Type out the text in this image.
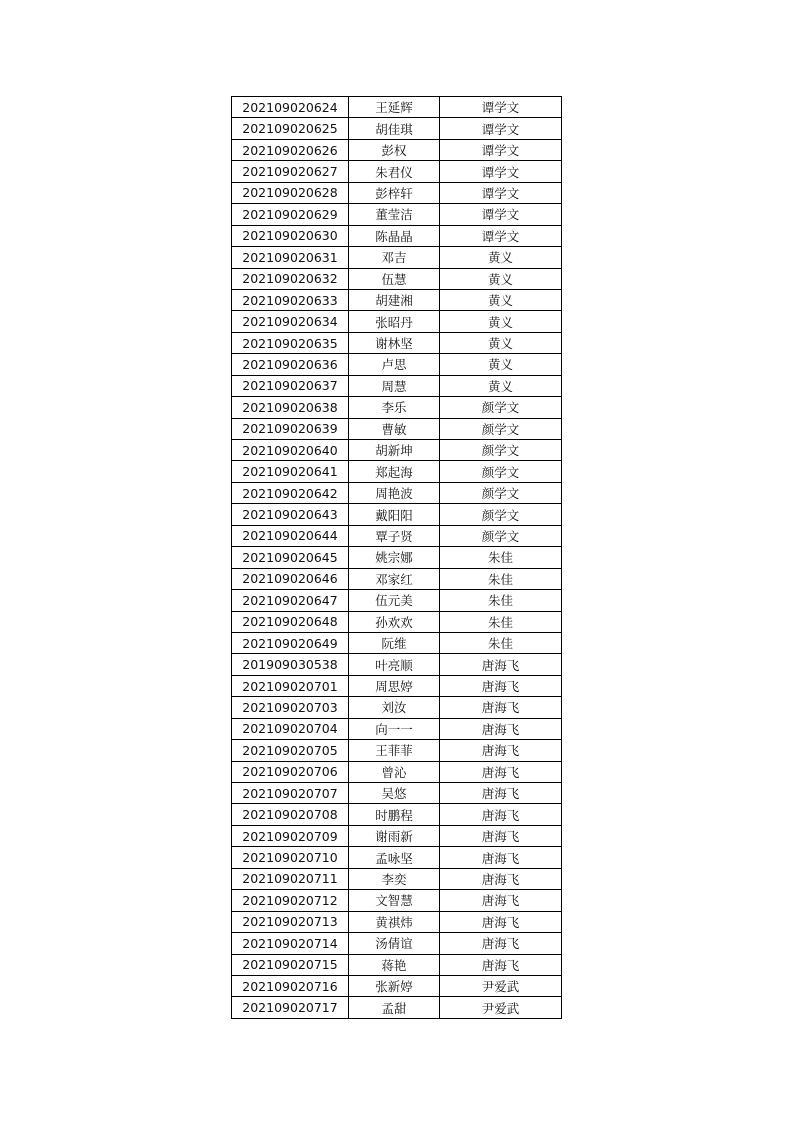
202109020624	王延辉	谭学文
202109020625	胡佳琪	谭学文
202109020626	彭权	谭学文
202109020627	朱君仪	谭学文
202109020628	彭梓轩	谭学文
202109020629	董莹洁	谭学文
202109020630	陈晶晶	谭学文
202109020631	邓吉	黄义
202109020632	伍慧	黄义
202109020633	胡建湘	黄义
202109020634	张昭丹	黄义
202109020635	谢林坚	黄义
202109020636	卢思	黄义
202109020637	周慧	黄义
202109020638	李乐	颜学文
202109020639	曹敏	颜学文
202109020640	胡新坤	颜学文
202109020641	郑起海	颜学文
202109020642	周艳波	颜学文
202109020643	戴阳阳	颜学文
202109020644	覃子贤	颜学文
202109020645	姚宗娜	朱佳
202109020646	邓家红	朱佳
202109020647	伍元美	朱佳
202109020648	孙欢欢	朱佳
202109020649	阮维	朱佳
201909030538	叶亮顺	唐海飞
202109020701	周思婷	唐海飞
202109020703	刘汝	唐海飞
202109020704	向一一	唐海飞
202109020705	王菲菲	唐海飞
202109020706	曾沁	唐海飞
202109020707	吴悠	唐海飞
202109020708	时鹏程	唐海飞
202109020709	谢雨新	唐海飞
202109020710	孟咏坚	唐海飞
202109020711	李奕	唐海飞
202109020712	文智慧	唐海飞
202109020713	黄祺炜	唐海飞
202109020714	汤倩谊	唐海飞
202109020715	蒋艳	唐海飞
202109020716	张新婷	尹爱武
202109020717	孟甜	尹爱武
